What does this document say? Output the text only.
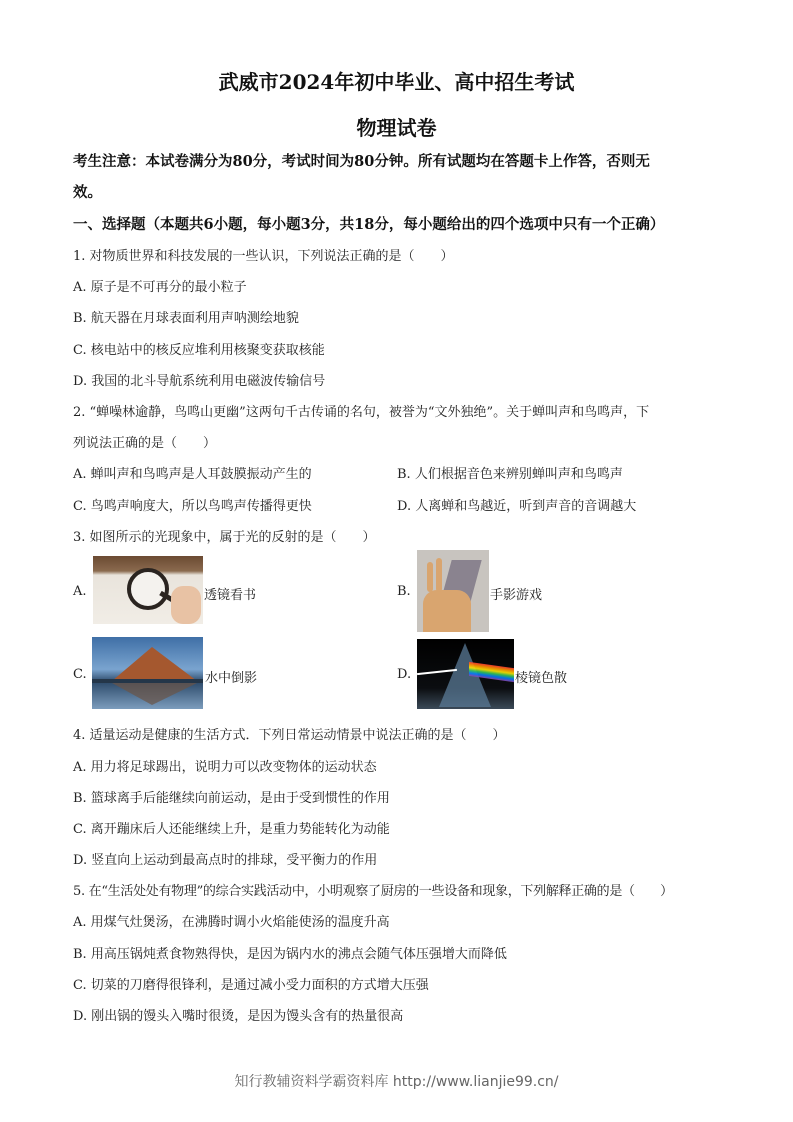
武威市2024年初中毕业、高中招生考试
物理试卷
考生注意：本试卷满分为80分，考试时间为80分钟。所有试题均在答题卡上作答，否则无
效。
一、选择题（本题共6小题，每小题3分，共18分，每小题给出的四个选项中只有一个正确）
1. 对物质世界和科技发展的一些认识，下列说法正确的是（　　）
A. 原子是不可再分的最小粒子
B. 航天器在月球表面利用声呐测绘地貌
C. 核电站中的核反应堆利用核聚变获取核能
D. 我国的北斗导航系统利用电磁波传输信号
2. “蝉噪林逾静，鸟鸣山更幽”这两句千古传诵的名句，被誉为“文外独绝”。关于蝉叫声和鸟鸣声，下
列说法正确的是（　　）
A. 蝉叫声和鸟鸣声是人耳鼓膜振动产生的	B. 人们根据音色来辨别蝉叫声和鸟鸣声
C. 鸟鸣声响度大，所以鸟鸣声传播得更快	D. 人离蝉和鸟越近，听到声音的音调越大
3. 如图所示的光现象中，属于光的反射的是（　　）
A.	透镜看书	B.	手影游戏
C.	水中倒影	D.	棱镜色散
4. 适量运动是健康的生活方式．下列日常运动情景中说法正确的是（　　）
A. 用力将足球踢出，说明力可以改变物体的运动状态
B. 篮球离手后能继续向前运动，是由于受到惯性的作用
C. 离开蹦床后人还能继续上升，是重力势能转化为动能
D. 竖直向上运动到最高点时的排球，受平衡力的作用
5. 在“生活处处有物理”的综合实践活动中，小明观察了厨房的一些设备和现象，下列解释正确的是（　　）
A. 用煤气灶煲汤，在沸腾时调小火焰能使汤的温度升高
B. 用高压锅炖煮食物熟得快，是因为锅内水的沸点会随气体压强增大而降低
C. 切菜的刀磨得很锋利，是通过减小受力面积的方式增大压强
D. 刚出锅的馒头入嘴时很烫，是因为馒头含有的热量很高
知行教辅资料学霸资料库 http://www.lianjie99.cn/
